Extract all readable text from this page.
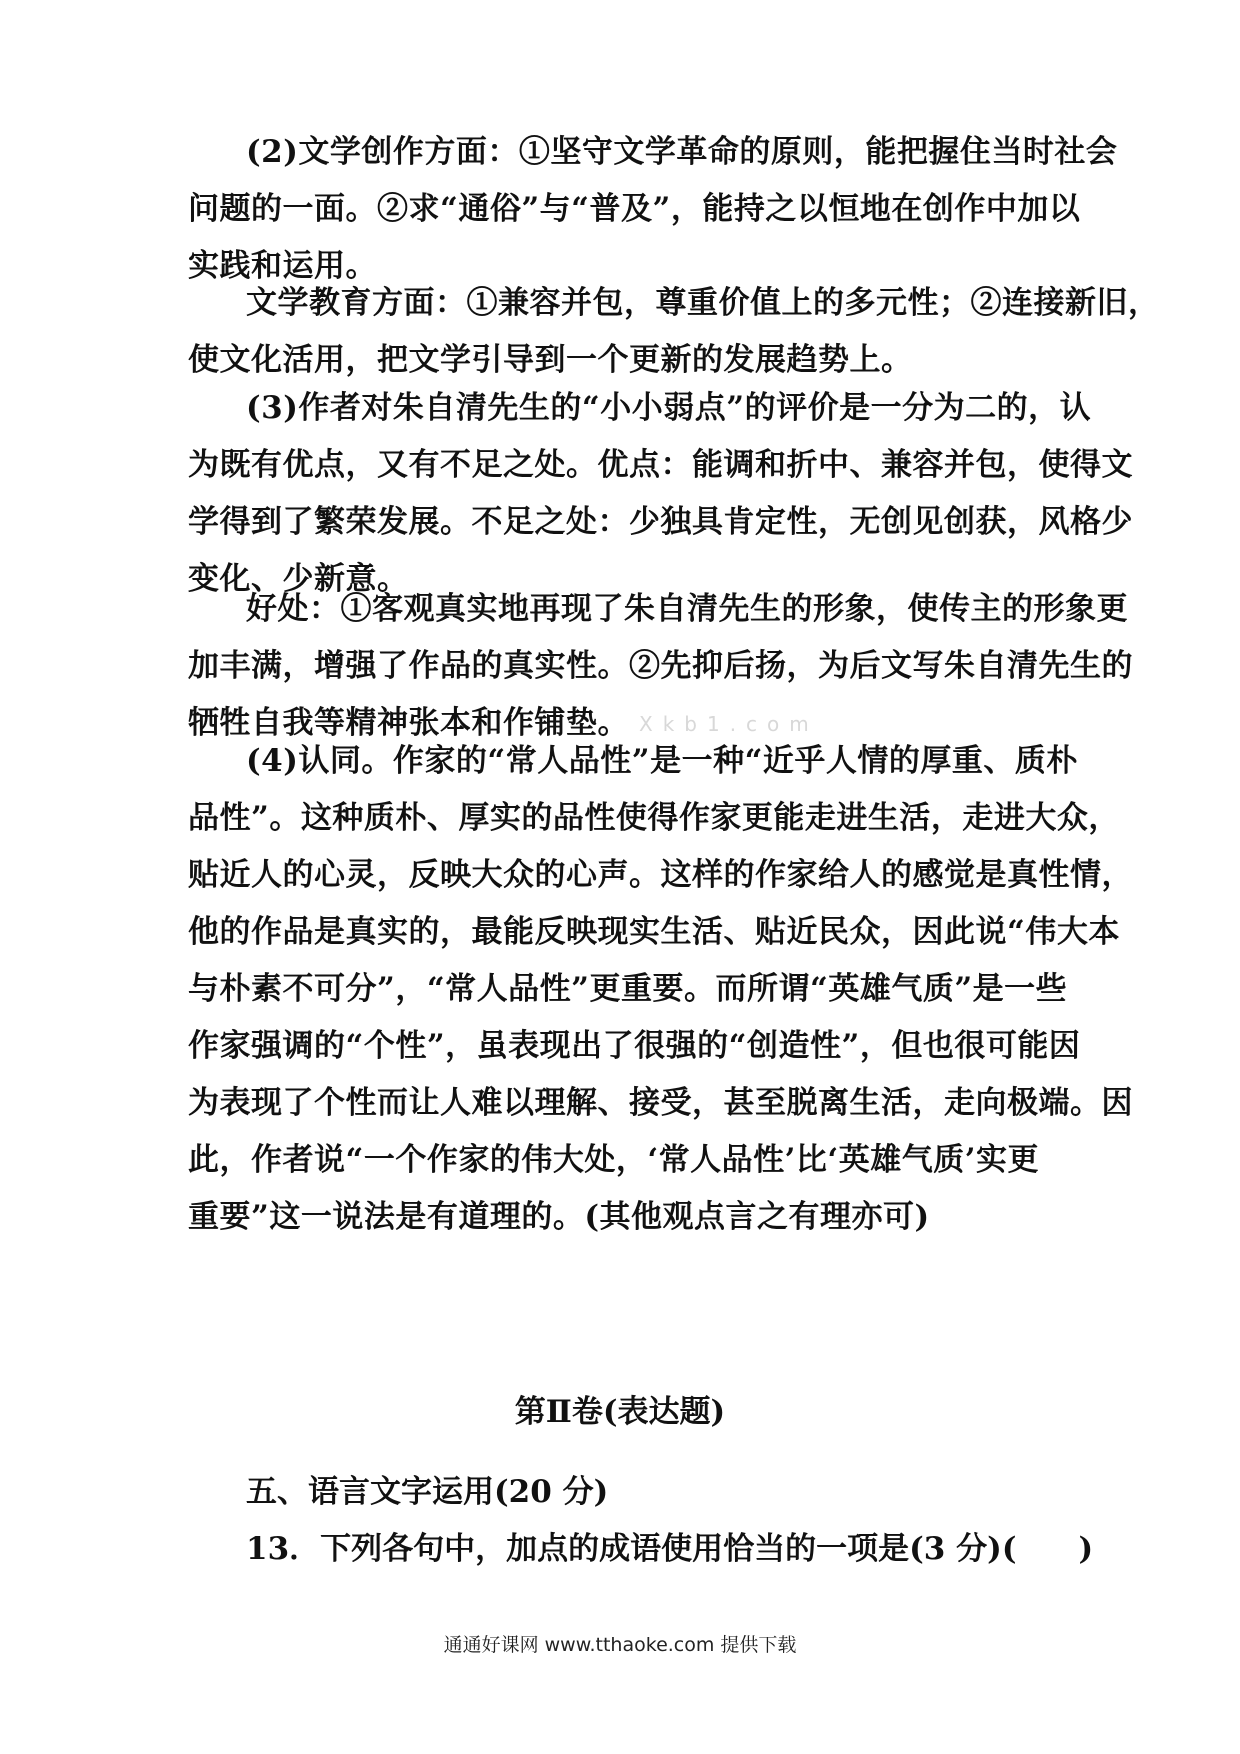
(2)文学创作方面：①坚守文学革命的原则，能把握住当时社会
问题的一面。②求“通俗”与“普及”，能持之以恒地在创作中加以
实践和运用。
文学教育方面：①兼容并包，尊重价值上的多元性；②连接新旧，
使文化活用，把文学引导到一个更新的发展趋势上。
(3)作者对朱自清先生的“小小弱点”的评价是一分为二的，认
为既有优点，又有不足之处。优点：能调和折中、兼容并包，使得文
学得到了繁荣发展。不足之处：少独具肯定性，无创见创获，风格少
变化、少新意。
好处：①客观真实地再现了朱自清先生的形象，使传主的形象更
加丰满，增强了作品的真实性。②先抑后扬，为后文写朱自清先生的
牺牲自我等精神张本和作铺垫。 Xkb1.com
(4)认同。作家的“常人品性”是一种“近乎人情的厚重、质朴
品性”。这种质朴、厚实的品性使得作家更能走进生活，走进大众，
贴近人的心灵，反映大众的心声。这样的作家给人的感觉是真性情，
他的作品是真实的，最能反映现实生活、贴近民众，因此说“伟大本
与朴素不可分”，“常人品性”更重要。而所谓“英雄气质”是一些
作家强调的“个性”，虽表现出了很强的“创造性”，但也很可能因
为表现了个性而让人难以理解、接受，甚至脱离生活，走向极端。因
此，作者说“一个作家的伟大处，‘常人品性’比‘英雄气质’实更
重要”这一说法是有道理的。(其他观点言之有理亦可)
第Ⅱ卷(表达题)
五、语言文字运用(20 分)
13．下列各句中，加点的成语使用恰当的一项是(3 分)(　　)
通通好课网 www.tthaoke.com 提供下载
